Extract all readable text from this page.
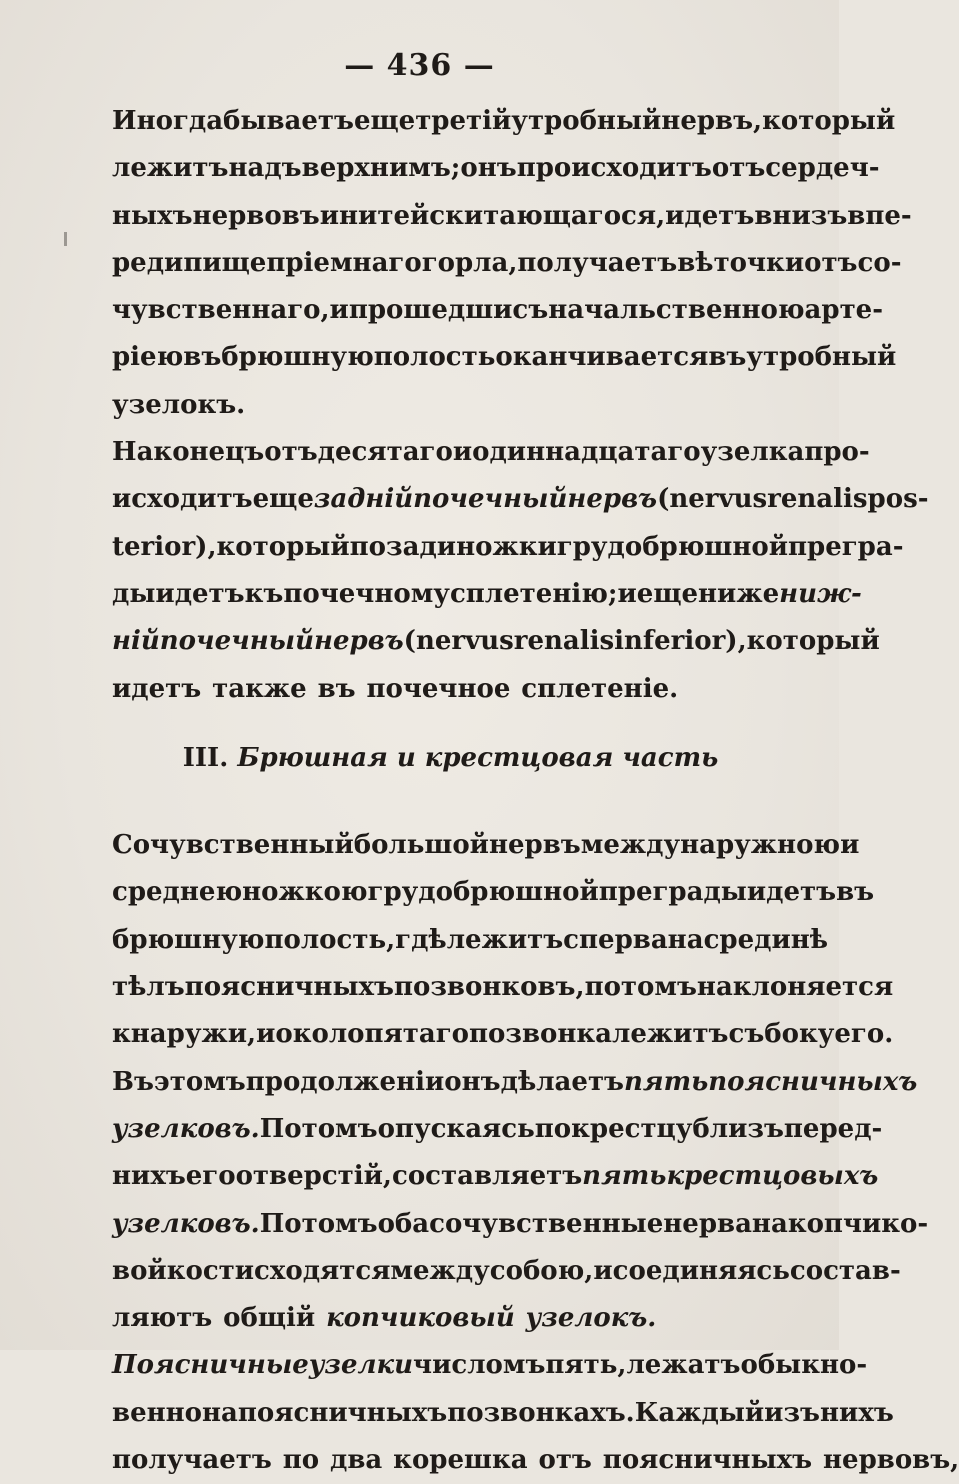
— 436 —
Иногда бываетъ еще третій утробный нервъ, который
лежитъ надъ верхнимъ; онъ происходитъ отъ сердеч-
ныхъ нервовъ и нитей скитающагося, идетъ внизъ впе-
реди пищепріемнаго горла, получаетъ вѣточки отъ со-
чувственнаго, и прошедши съ начальственною арте-
ріею въ брюшную полость оканчивается въ утробный
узелокъ.
Наконецъ отъ десятаго и одиннадцатаго узелка про-
исходитъ еще задній почечный нервъ (nervus renalis pos-
terior), который позади ножки грудобрюшной прегра-
ды идетъ къ почечному сплетенію; и еще ниже ниж-
ній почечный нервъ (nervus renalis inferior), который
идетъ также въ почечное сплетеніе.
III. Брюшная и крестцовая часть
Сочувственный большой нервъ между наружною и
среднею ножкою грудобрюшной преграды идетъ въ
брюшную полость, гдѣ лежитъ сперва на срединѣ
тѣлъ поясничныхъ позвонковъ, потомъ наклоняется
кнаружи, и около пятаго позвонка лежитъ съ боку его.
Въ этомъ продолженіи онъ дѣлаетъ пять поясничныхъ
узелковъ. Потомъ опускаясь по крестцу близъ перед-
нихъ его отверстій, составляетъ пять крестцовыхъ
узелковъ. Потомъ оба сочувственные нерва на копчико-
вой кости сходятся между собою, и соединяясь состав-
ляютъ общій копчиковый узелокъ.
Поясничные узелки числомъ пять, лежатъ обыкно-
венно на поясничныхъ позвонкахъ. Каждый изъ нихъ
получаетъ по два корешка отъ поясничныхъ нервовъ,
